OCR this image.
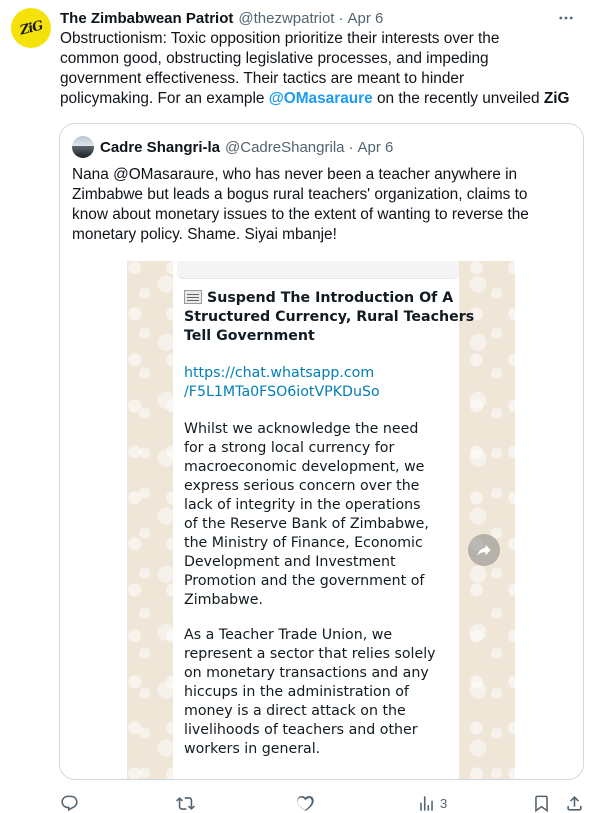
ZiG The Zimbabwean Patriot @thezwpatriot · Apr 6

Obstructionism: Toxic opposition prioritize their interests over the

common good, obstructing legislative processes, and impeding

government effectiveness. Their tactics are meant to hinder

policymaking. For an example @OMasaraure on the recently unveiled ZiG

Cadre Shangri-la @CadreShangrila · Apr 6

Nana @OMasaraure, who has never been a teacher anywhere in

Zimbabwe but leads a bogus rural teachers' organization, claims to

know about monetary issues to the extent of wanting to reverse the

monetary policy. Shame. Siyai mbanje!

Suspend The Introduction Of A

Structured Currency, Rural Teachers

Tell Government

https://chat.whatsapp.com

/F5L1MTa0FSO6iotVPKDuSo

Whilst we acknowledge the need

for a strong local currency for

macroeconomic development, we

express serious concern over the

lack of integrity in the operations

of the Reserve Bank of Zimbabwe,

the Ministry of Finance, Economic

Development and Investment

Promotion and the government of

Zimbabwe.

As a Teacher Trade Union, we

represent a sector that relies solely

on monetary transactions and any

hiccups in the administration of

money is a direct attack on the

livelihoods of teachers and other

workers in general.

3
